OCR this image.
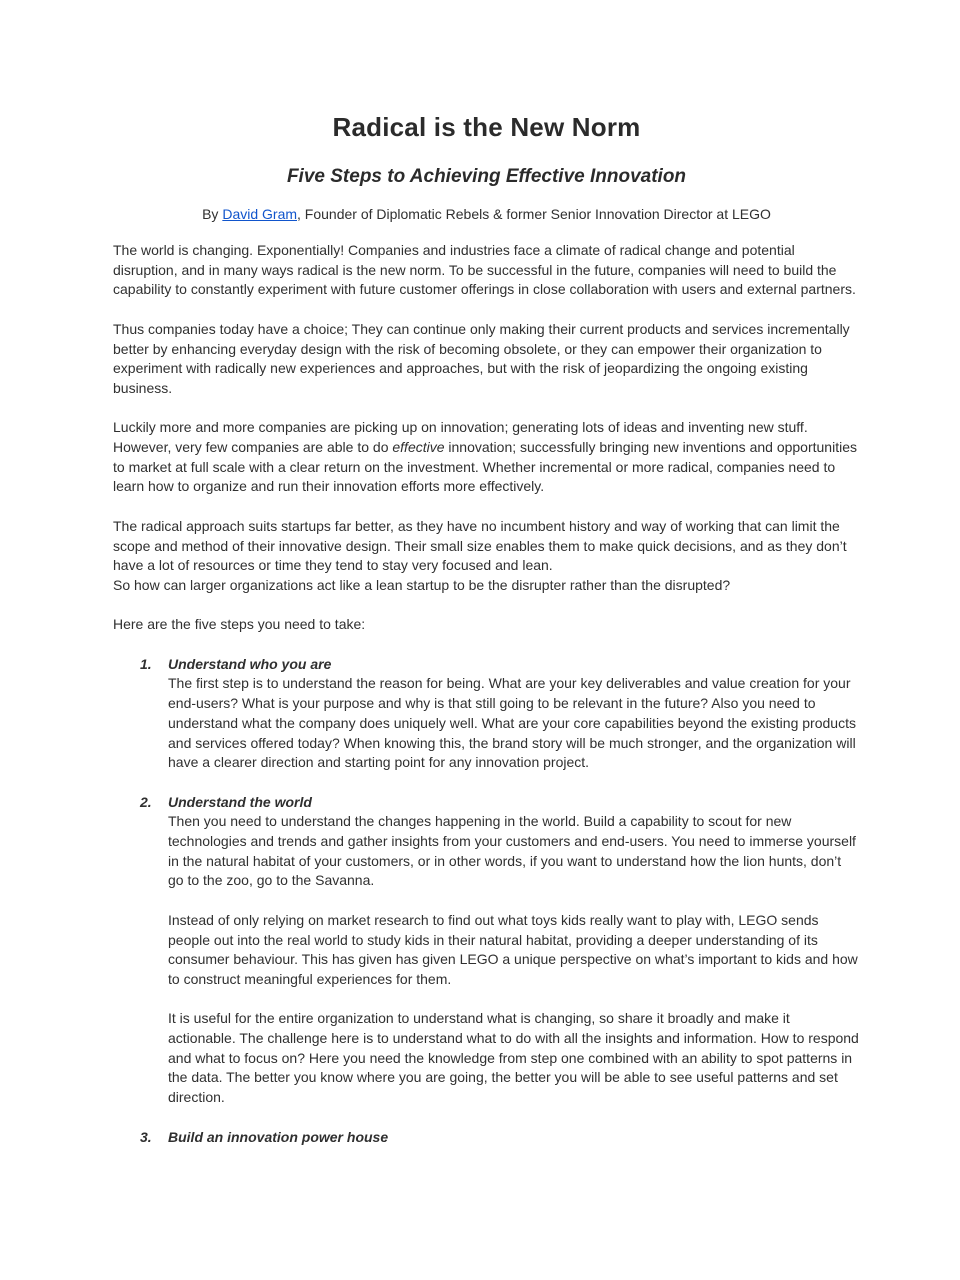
Radical is the New Norm
Five Steps to Achieving Effective Innovation

By David Gram, Founder of Diplomatic Rebels & former Senior Innovation Director at LEGO

The world is changing. Exponentially! Companies and industries face a climate of radical change and potential disruption, and in many ways radical is the new norm. To be successful in the future, companies will need to build the capability to constantly experiment with future customer offerings in close collaboration with users and external partners.

Thus companies today have a choice; They can continue only making their current products and services incrementally better by enhancing everyday design with the risk of becoming obsolete, or they can empower their organization to experiment with radically new experiences and approaches, but with the risk of jeopardizing the ongoing existing business.

Luckily more and more companies are picking up on innovation; generating lots of ideas and inventing new stuff. However, very few companies are able to do effective innovation; successfully bringing new inventions and opportunities to market at full scale with a clear return on the investment. Whether incremental or more radical, companies need to learn how to organize and run their innovation efforts more effectively.

The radical approach suits startups far better, as they have no incumbent history and way of working that can limit the scope and method of their innovative design. Their small size enables them to make quick decisions, and as they don’t have a lot of resources or time they tend to stay very focused and lean.
So how can larger organizations act like a lean startup to be the disrupter rather than the disrupted?

Here are the five steps you need to take:

1.	Understand who you are

The first step is to understand the reason for being. What are your key deliverables and value creation for your end-users? What is your purpose and why is that still going to be relevant in the future? Also you need to understand what the company does uniquely well. What are your core capabilities beyond the existing products and services offered today? When knowing this, the brand story will be much stronger, and the organization will have a clearer direction and starting point for any innovation project.

2.	Understand the world

Then you need to understand the changes happening in the world. Build a capability to scout for new technologies and trends and gather insights from your customers and end-users. You need to immerse yourself in the natural habitat of your customers, or in other words, if you want to understand how the lion hunts, don’t go to the zoo, go to the Savanna.

Instead of only relying on market research to find out what toys kids really want to play with, LEGO sends people out into the real world to study kids in their natural habitat, providing a deeper understanding of its consumer behaviour. This has given has given LEGO a unique perspective on what’s important to kids and how to construct meaningful experiences for them.

It is useful for the entire organization to understand what is changing, so share it broadly and make it actionable. The challenge here is to understand what to do with all the insights and information. How to respond and what to focus on? Here you need the knowledge from step one combined with an ability to spot patterns in the data. The better you know where you are going, the better you will be able to see useful patterns and set direction.

3.	Build an innovation power house
